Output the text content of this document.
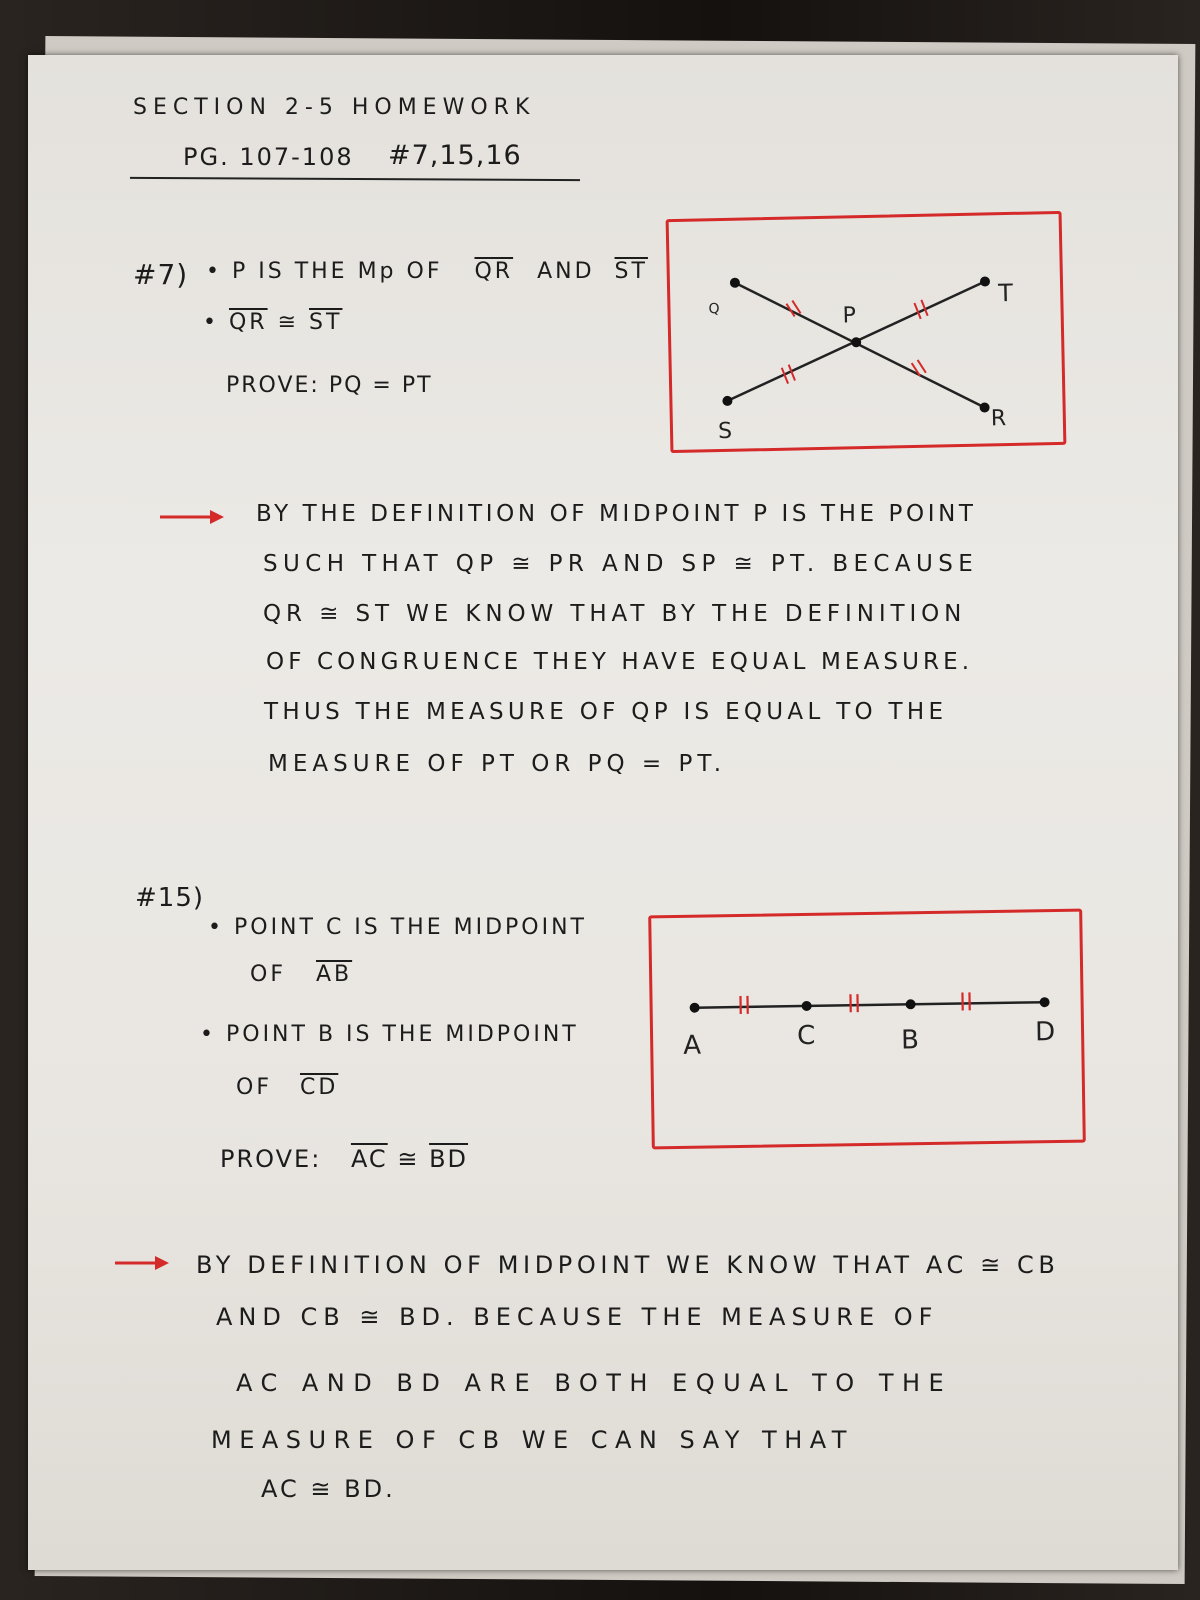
SECTION 2-5 HOMEWORK
PG. 107-108 #7,15,16
#7) • P IS THE Mp OF $\overline{QR}$ AND $\overline{ST}$
• $\overline{QR}$ ≅ $\overline{ST}$
PROVE: PQ = PT
Q	P
T
S
R
BY THE DEFINITION OF MIDPOINT P IS THE POINT
SUCH THAT QP ≅ PR AND SP ≅ PT. BECAUSE
QR ≅ ST WE KNOW THAT BY THE DEFINITION
OF CONGRUENCE THEY HAVE EQUAL MEASURE.
THUS THE MEASURE OF QP IS EQUAL TO THE
MEASURE OF PT OR PQ = PT.
#15)
• POINT C IS THE MIDPOINT
OF $\overline{AB}$
• POINT B IS THE MIDPOINT
OF $\overline{CD}$
PROVE: $\overline{AC}$ ≅ $\overline{BD}$
A	C	B	D
BY DEFINITION OF MIDPOINT WE KNOW THAT AC ≅ CB
AND CB ≅ BD. BECAUSE THE MEASURE OF
AC AND BD ARE BOTH EQUAL TO THE
MEASURE OF CB WE CAN SAY THAT
AC ≅ BD.
